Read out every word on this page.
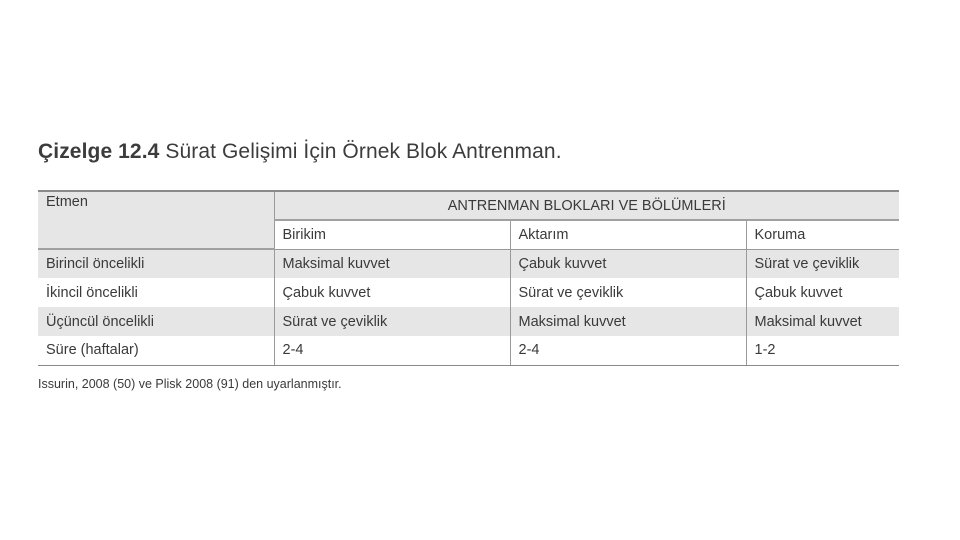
Çizelge 12.4 Sürat Gelişimi İçin Örnek Blok Antrenman.
Etmen	ANTRENMAN BLOKLARI VE BÖLÜMLERİ		
	Birikim	Aktarım	Koruma
Birincil öncelikli	Maksimal kuvvet	Çabuk kuvvet	Sürat ve çeviklik
İkincil öncelikli	Çabuk kuvvet	Sürat ve çeviklik	Çabuk kuvvet
Üçüncül öncelikli	Sürat ve çeviklik	Maksimal kuvvet	Maksimal kuvvet
Süre (haftalar)	2-4	2-4	1-2
Issurin, 2008 (50) ve Plisk 2008 (91) den uyarlanmıştır.
